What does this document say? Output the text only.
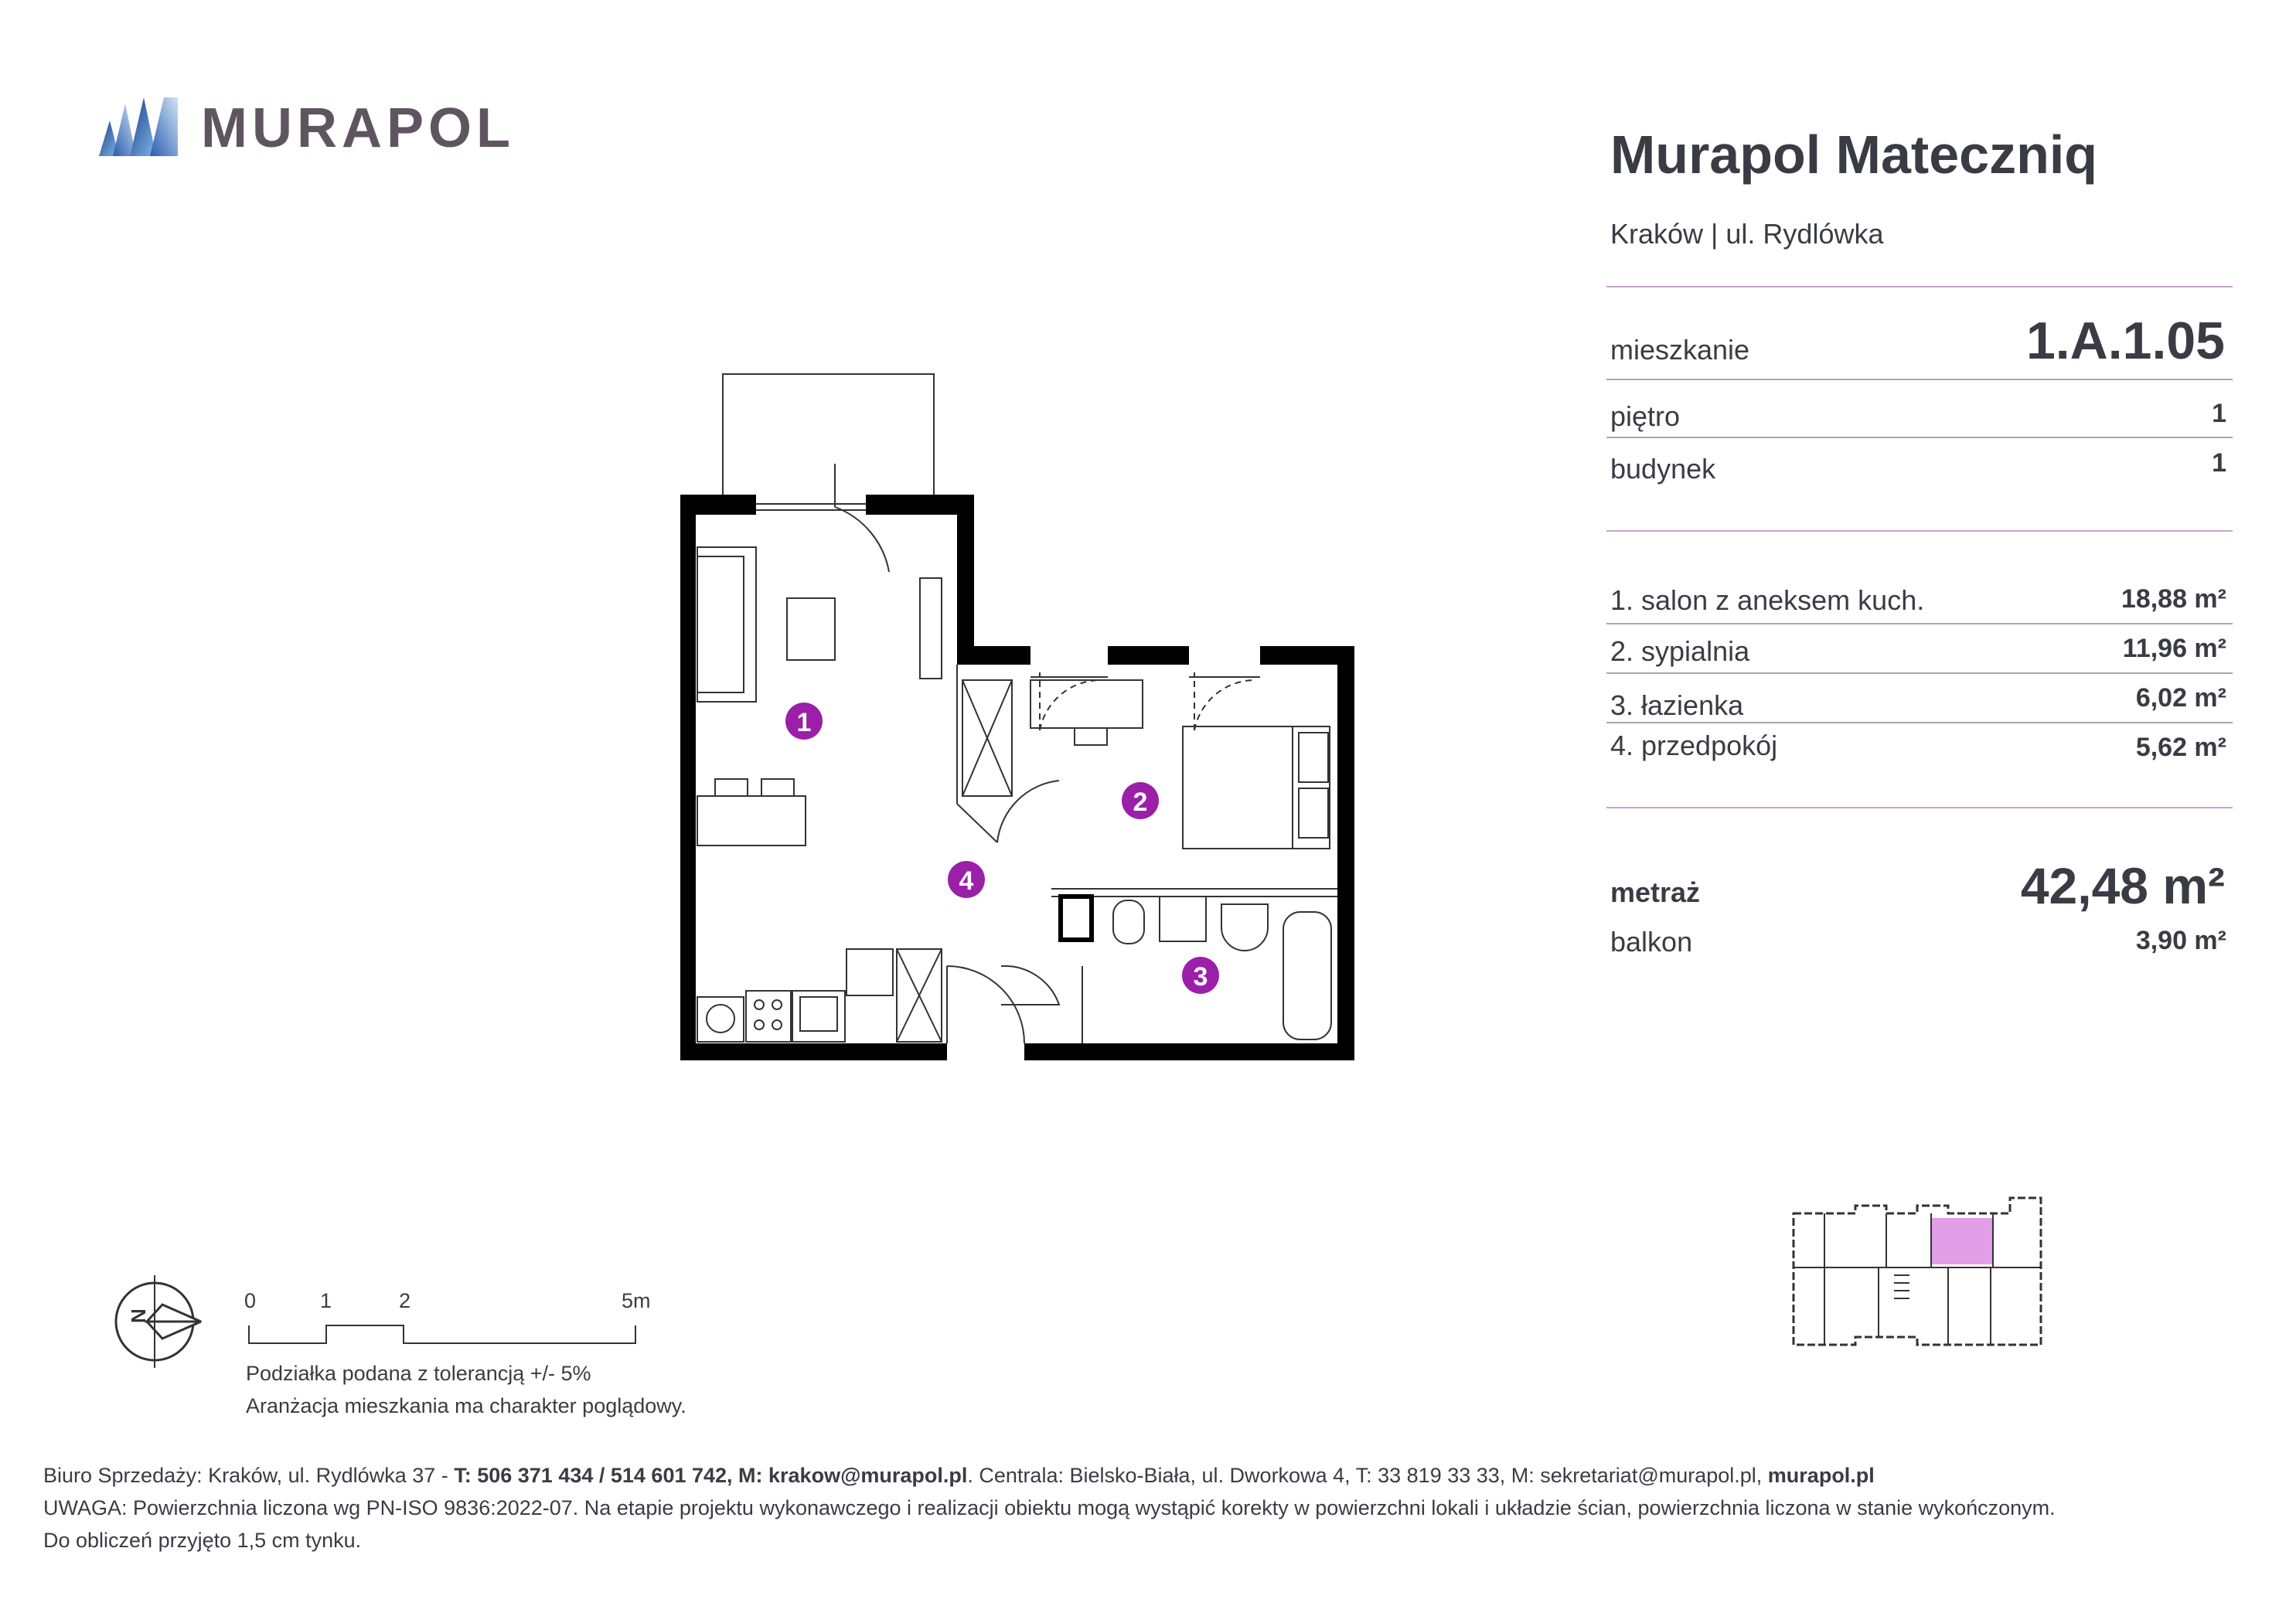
MURAPOL	Murapol Mateczniq
Kraków | ul. Rydlówka
mieszkanie	1.A.1.05
piętro	1
budynek	1
1. salon z aneksem kuch.	18,88 m²
2. sypialnia	11,96 m²
3. łazienka	6,02 m²
4. przedpokój	5,62 m²
metraż	42,48 m²
balkon	3,90 m²
1
2
3
4
N
0	1	2	5m
Podziałka podana z tolerancją +/- 5%
Aranżacja mieszkania ma charakter poglądowy.
Biuro Sprzedaży: Kraków, ul. Rydlówka 37 - T: 506 371 434 / 514 601 742, M: krakow@murapol.pl. Centrala: Bielsko-Biała, ul. Dworkowa 4, T: 33 819 33 33, M: sekretariat@murapol.pl, murapol.pl
UWAGA: Powierzchnia liczona wg PN-ISO 9836:2022-07. Na etapie projektu wykonawczego i realizacji obiektu mogą wystąpić korekty w powierzchni lokali i układzie ścian, powierzchnia liczona w stanie wykończonym.
Do obliczeń przyjęto 1,5 cm tynku.
